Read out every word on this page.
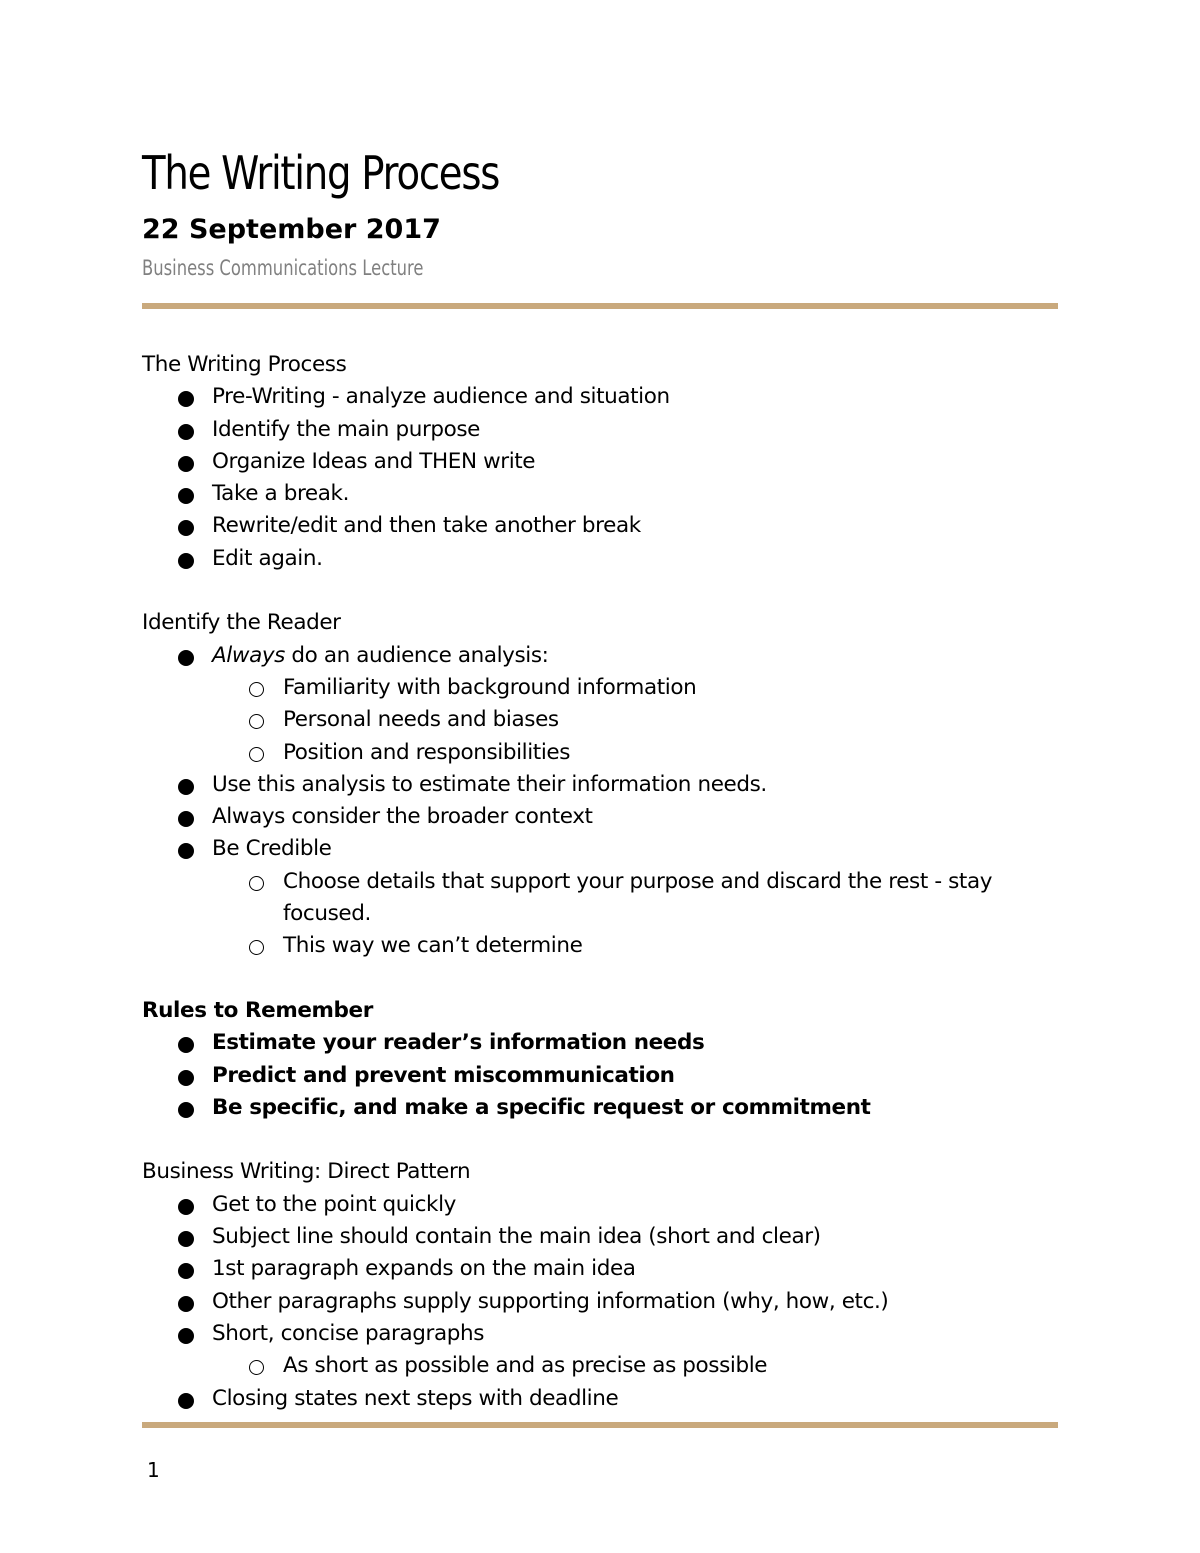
The Writing Process
22 September 2017
Business Communications Lecture
The Writing Process
Pre-Writing - analyze audience and situation
Identify the main purpose
Organize Ideas and THEN write
Take a break.
Rewrite/edit and then take another break
Edit again.
Identify the Reader
Always do an audience analysis:
Familiarity with background information
Personal needs and biases
Position and responsibilities
Use this analysis to estimate their information needs.
Always consider the broader context
Be Credible
Choose details that support your purpose and discard the rest - stay focused.
This way we can’t determine
Rules to Remember
Estimate your reader’s information needs
Predict and prevent miscommunication
Be specific, and make a specific request or commitment
Business Writing: Direct Pattern
Get to the point quickly
Subject line should contain the main idea (short and clear)
1st paragraph expands on the main idea
Other paragraphs supply supporting information (why, how, etc.)
Short, concise paragraphs
As short as possible and as precise as possible
Closing states next steps with deadline
1
